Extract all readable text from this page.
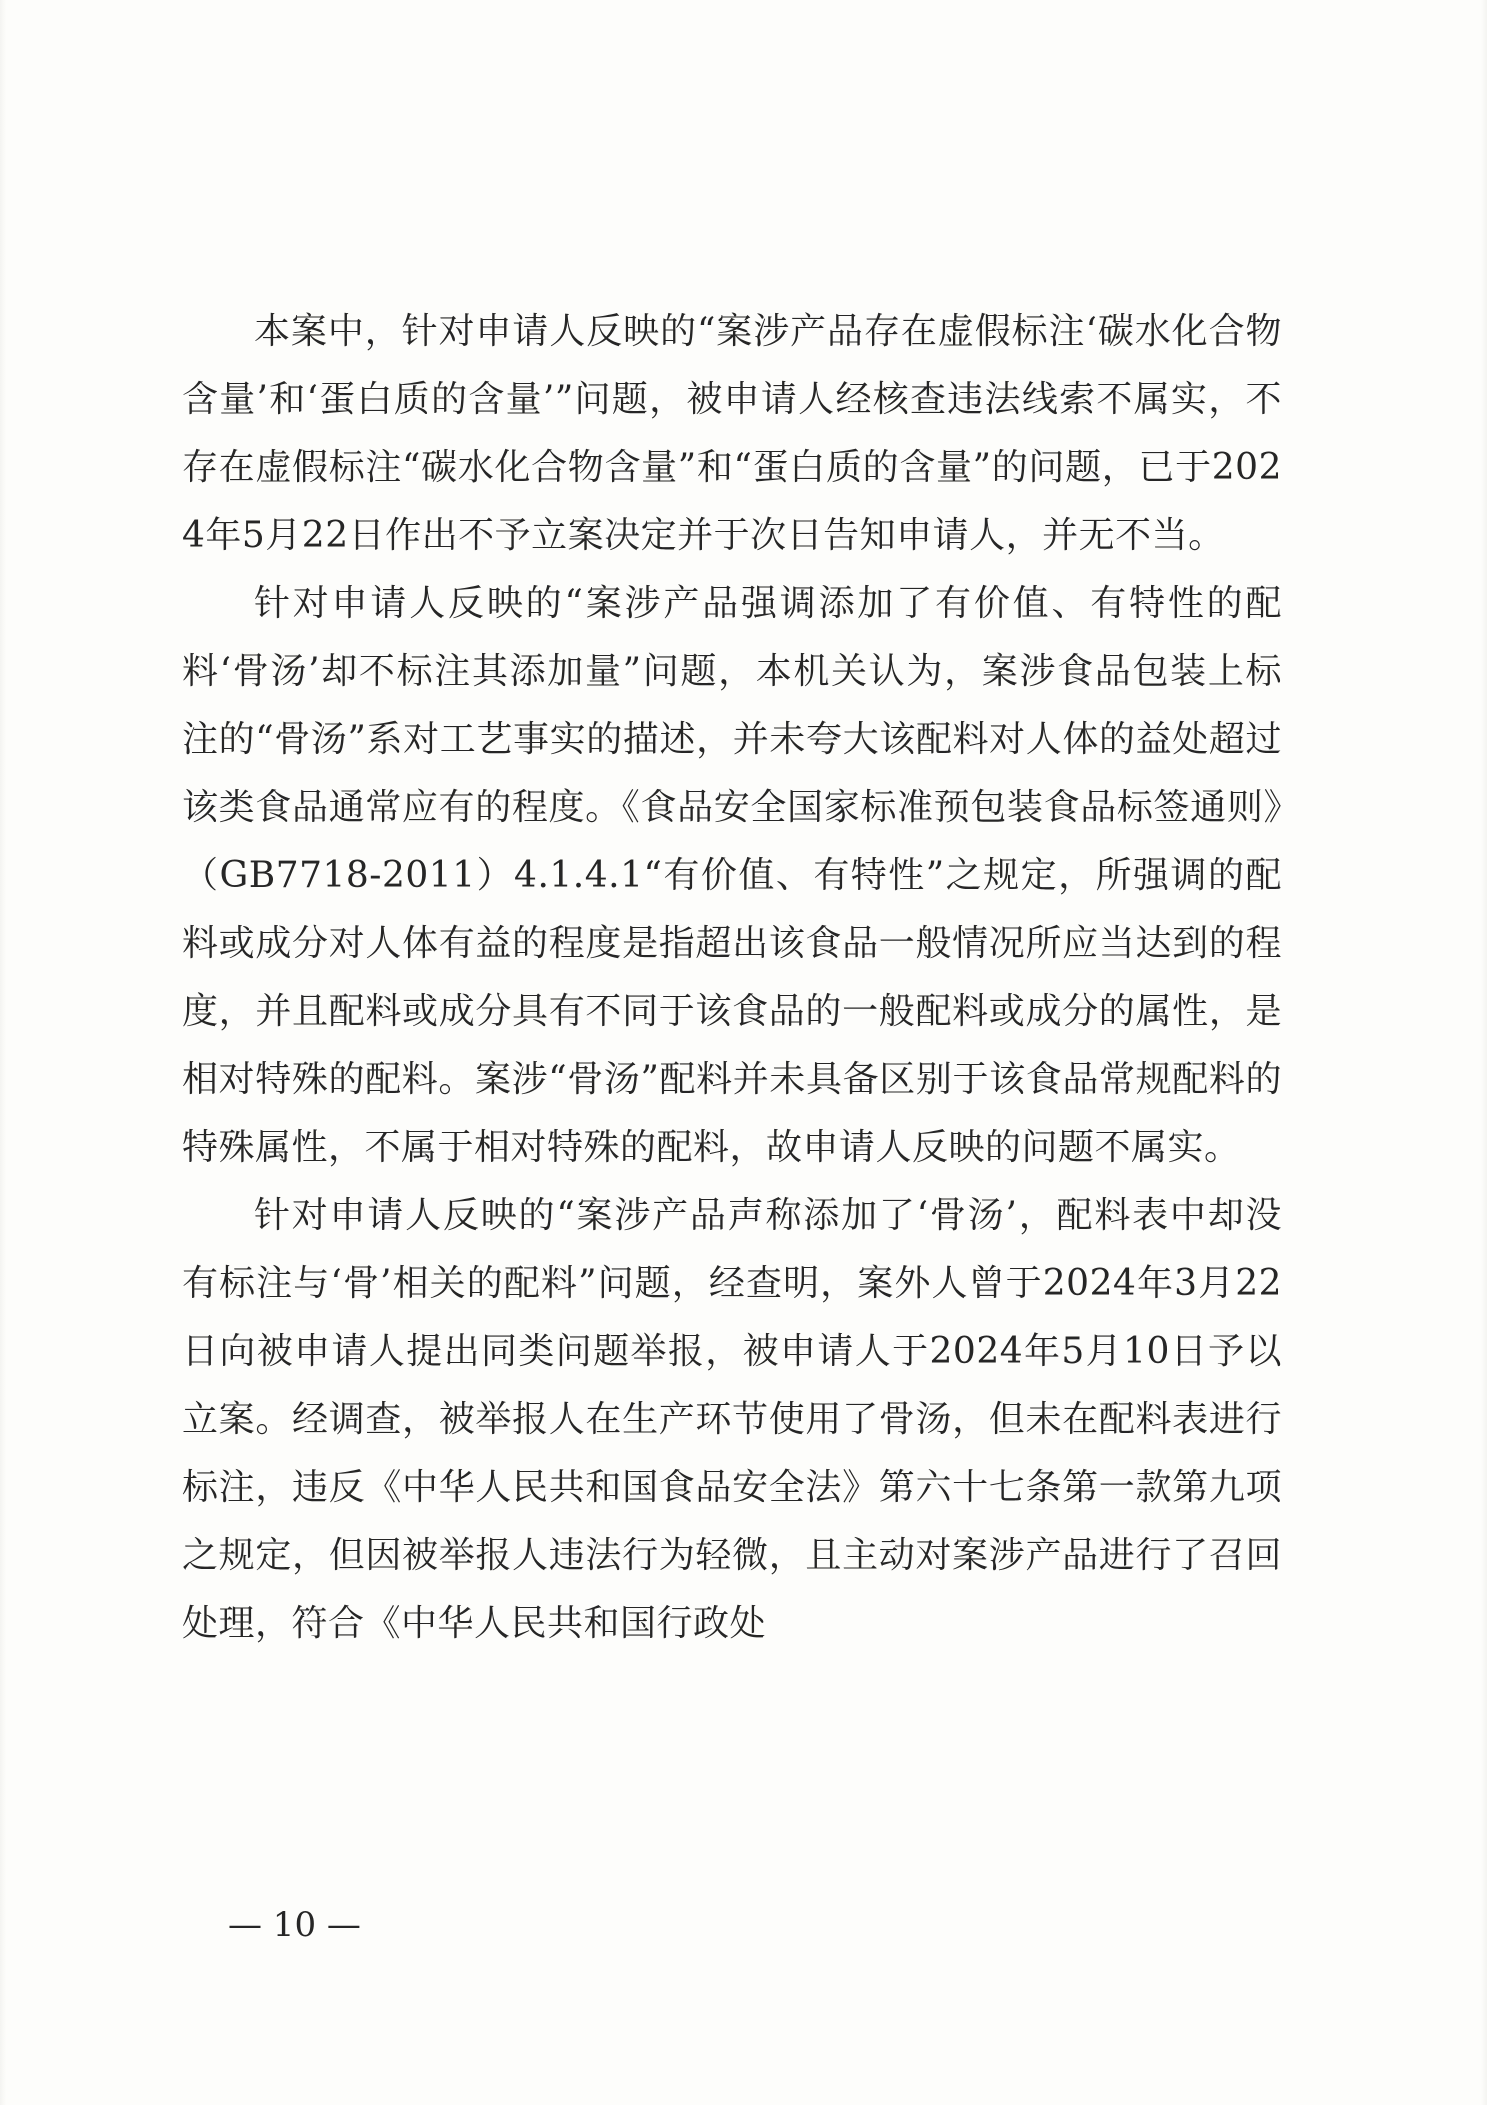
本案中，针对申请人反映的“案涉产品存在虚假标注‘碳水化合物含量’和‘蛋白质的含量’”问题，被申请人经核查违法线索不属实，不存在虚假标注“碳水化合物含量”和“蛋白质的含量”的问题，已于2024年5月22日作出不予立案决定并于次日告知申请人，并无不当。

针对申请人反映的“案涉产品强调添加了有价值、有特性的配料‘骨汤’却不标注其添加量”问题，本机关认为，案涉食品包装上标注的“骨汤”系对工艺事实的描述，并未夸大该配料对人体的益处超过该类食品通常应有的程度。《食品安全国家标准预包装食品标签通则》（GB7718-2011）4.1.4.1“有价值、有特性”之规定，所强调的配料或成分对人体有益的程度是指超出该食品一般情况所应当达到的程度，并且配料或成分具有不同于该食品的一般配料或成分的属性，是相对特殊的配料。案涉“骨汤”配料并未具备区别于该食品常规配料的特殊属性，不属于相对特殊的配料，故申请人反映的问题不属实。

针对申请人反映的“案涉产品声称添加了‘骨汤’，配料表中却没有标注与‘骨’相关的配料”问题，经查明，案外人曾于2024年3月22日向被申请人提出同类问题举报，被申请人于2024年5月10日予以立案。经调查，被举报人在生产环节使用了骨汤，但未在配料表进行标注，违反《中华人民共和国食品安全法》第六十七条第一款第九项之规定，但因被举报人违法行为轻微，且主动对案涉产品进行了召回处理，符合《中华人民共和国行政处

— 10 —
